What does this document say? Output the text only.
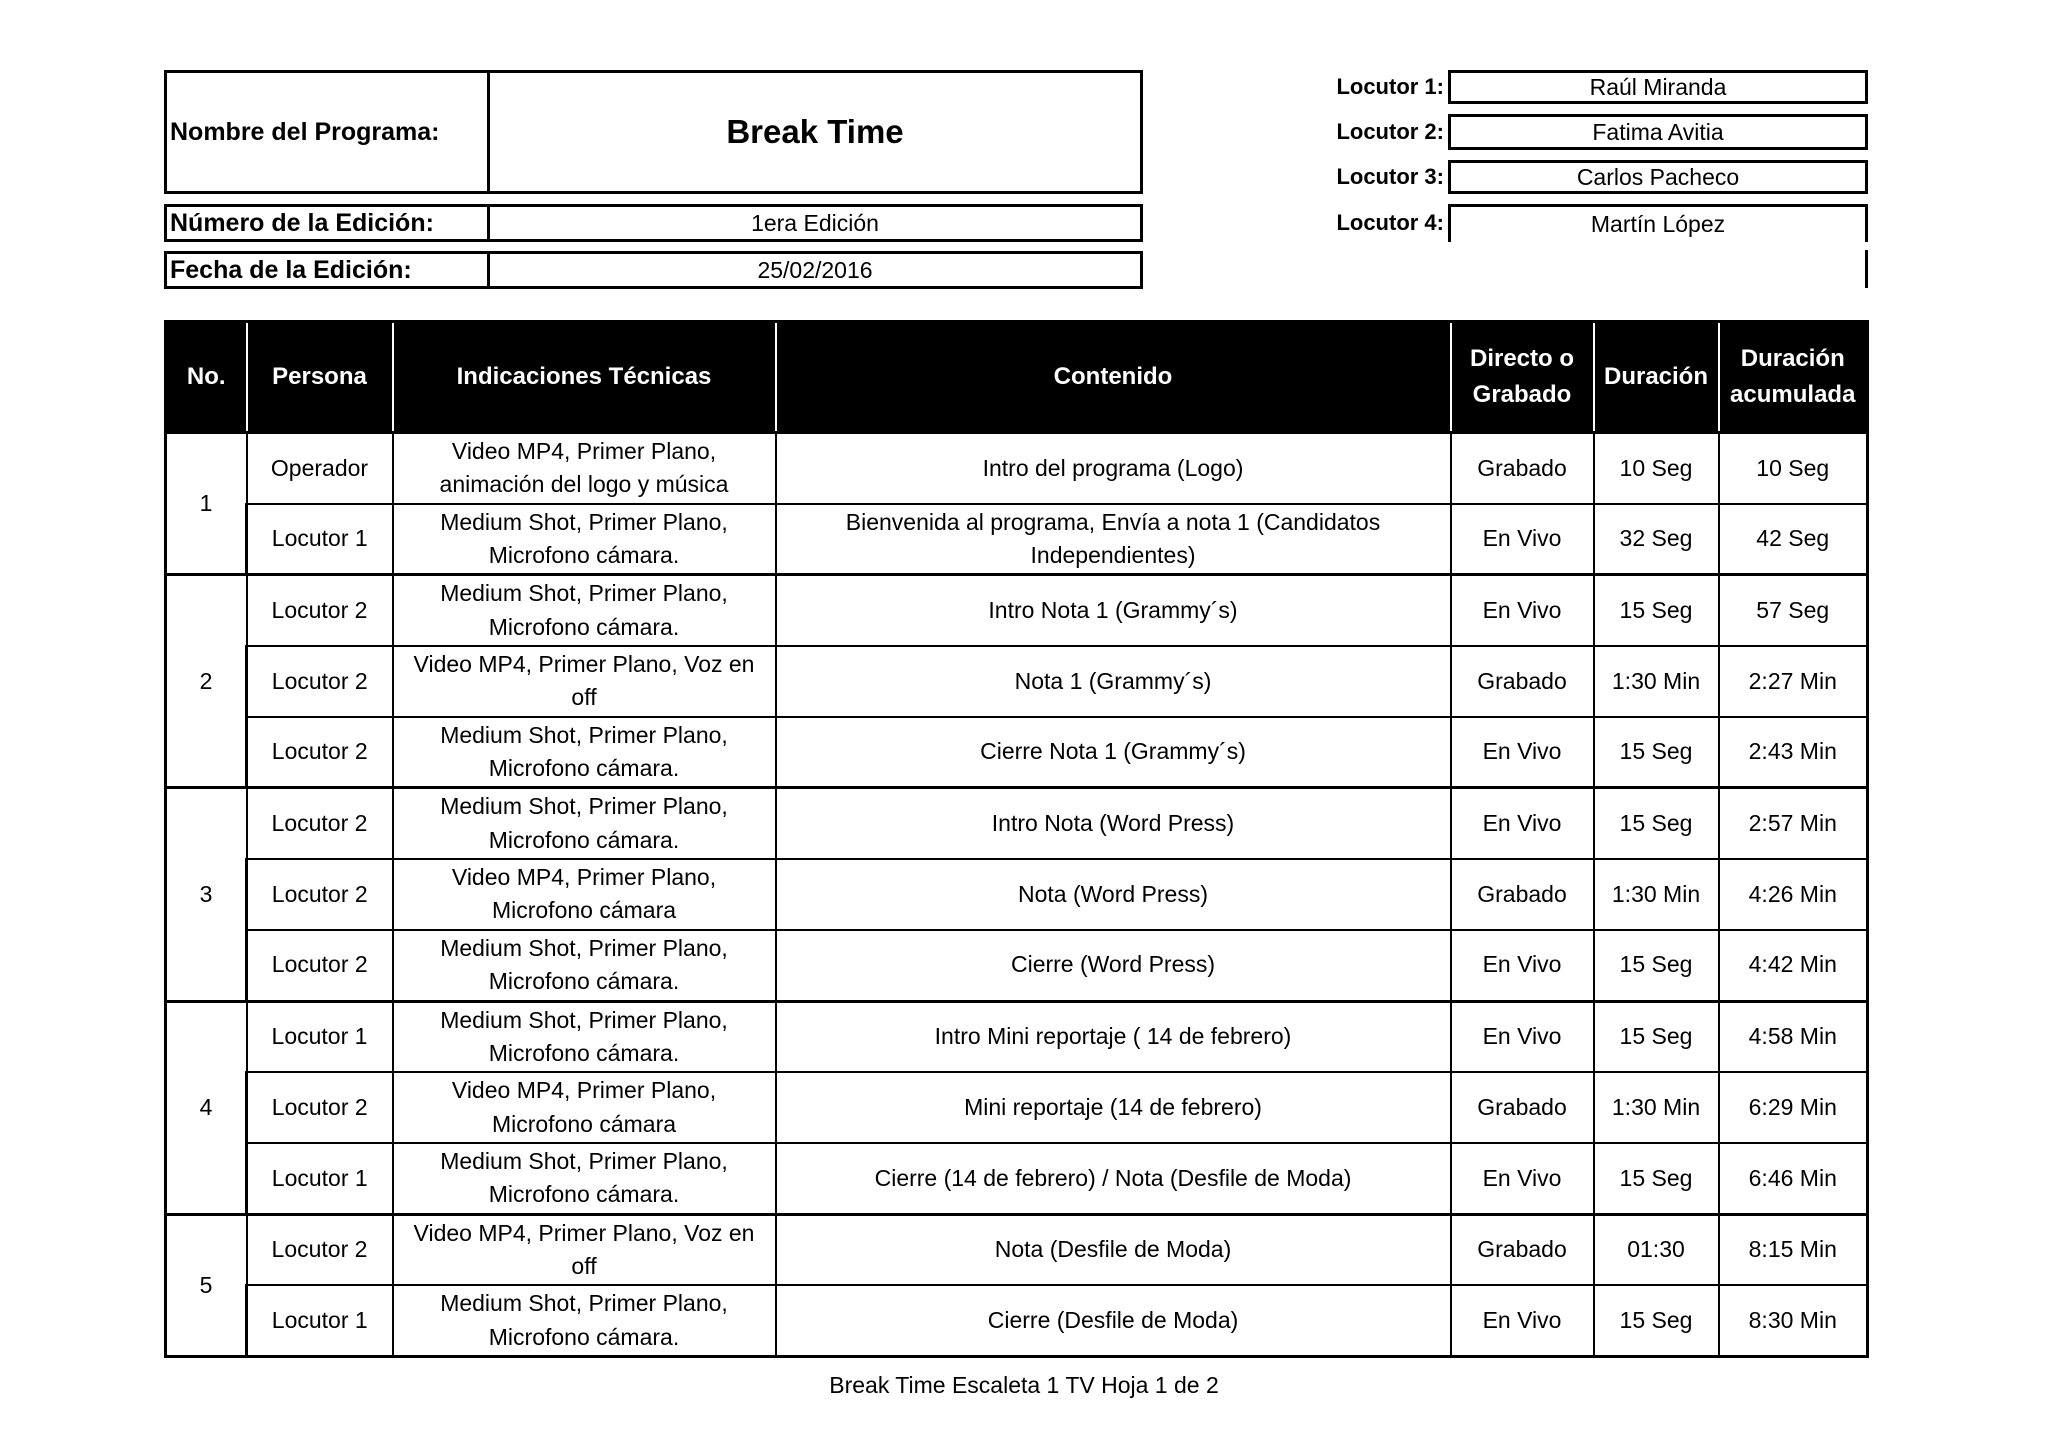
Nombre del Programa:	Break Time
Número de la Edición:	1era Edición
Fecha de la Edición:	25/02/2016
Locutor 1:	Raúl Miranda
Locutor 2:	Fatima Avitia
Locutor 3:	Carlos Pacheco
Locutor 4:	Martín López
No.	Persona	Indicaciones Técnicas	Contenido	Directo o Grabado	Duración	Duración acumulada
1	Operador	Video MP4, Primer Plano, animación del logo y música	Intro del programa (Logo)	Grabado	10 Seg	10 Seg
	Locutor 1	Medium Shot, Primer Plano, Microfono cámara.	Bienvenida al programa, Envía a nota 1 (Candidatos Independientes)	En Vivo	32 Seg	42 Seg
2	Locutor 2	Medium Shot, Primer Plano, Microfono cámara.	Intro Nota 1 (Grammy´s)	En Vivo	15 Seg	57 Seg
	Locutor 2	Video MP4, Primer Plano, Voz en off	Nota 1 (Grammy´s)	Grabado	1:30 Min	2:27 Min
	Locutor 2	Medium Shot, Primer Plano, Microfono cámara.	Cierre Nota 1 (Grammy´s)	En Vivo	15 Seg	2:43 Min
3	Locutor 2	Medium Shot, Primer Plano, Microfono cámara.	Intro Nota (Word Press)	En Vivo	15 Seg	2:57 Min
	Locutor 2	Video MP4, Primer Plano, Microfono cámara	Nota (Word Press)	Grabado	1:30 Min	4:26 Min
	Locutor 2	Medium Shot, Primer Plano, Microfono cámara.	Cierre (Word Press)	En Vivo	15 Seg	4:42 Min
4	Locutor 1	Medium Shot, Primer Plano, Microfono cámara.	Intro Mini reportaje ( 14 de febrero)	En Vivo	15 Seg	4:58 Min
	Locutor 2	Video MP4, Primer Plano, Microfono cámara	Mini reportaje (14 de febrero)	Grabado	1:30 Min	6:29 Min
	Locutor 1	Medium Shot, Primer Plano, Microfono cámara.	Cierre (14 de febrero) / Nota (Desfile de Moda)	En Vivo	15 Seg	6:46 Min
5	Locutor 2	Video MP4, Primer Plano, Voz en off	Nota (Desfile de Moda)	Grabado	01:30	8:15 Min
	Locutor 1	Medium Shot, Primer Plano, Microfono cámara.	Cierre (Desfile de Moda)	En Vivo	15 Seg	8:30 Min
Break Time Escaleta 1 TV Hoja 1 de 2
